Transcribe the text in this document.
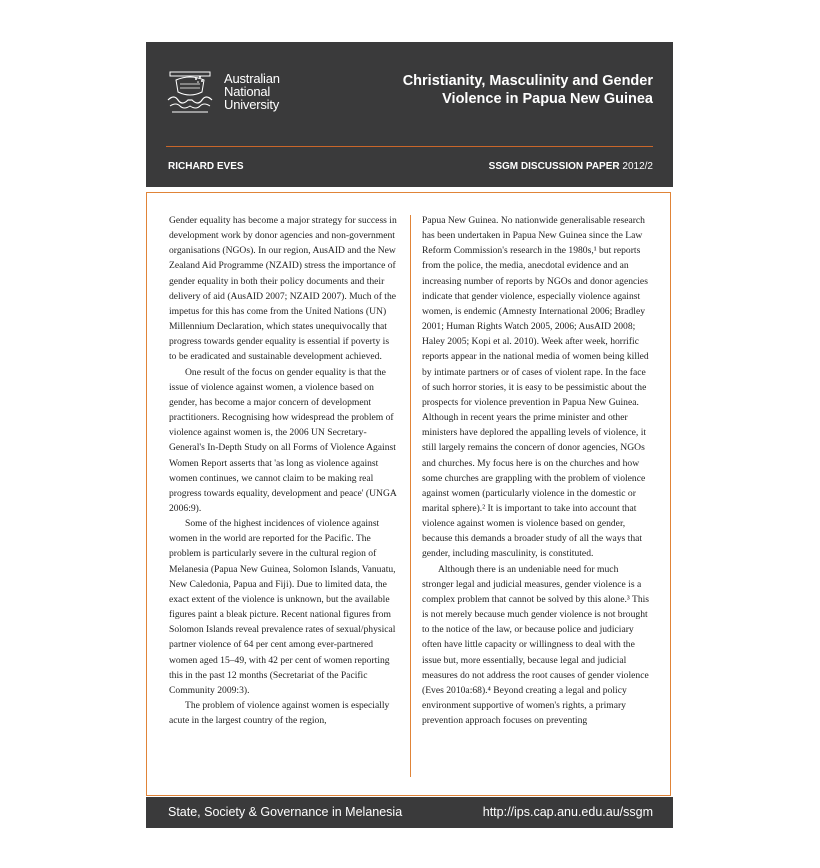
Australian
National
University
Christianity, Masculinity and Gender
Violence in Papua New Guinea
RICHARD EVES	SSGM DISCUSSION PAPER 2012/2

Gender equality has become a major strategy for success in development work by donor agencies and non-government organisations (NGOs). In our region, AusAID and the New Zealand Aid Programme (NZAID) stress the importance of gender equality in both their policy documents and their delivery of aid (AusAID 2007; NZAID 2007). Much of the impetus for this has come from the United Nations (UN) Millennium Declaration, which states unequivocally that progress towards gender equality is essential if poverty is to be eradicated and sustainable development achieved.

One result of the focus on gender equality is that the issue of violence against women, a violence based on gender, has become a major concern of development practitioners. Recognising how widespread the problem of violence against women is, the 2006 UN Secretary-General's In-Depth Study on all Forms of Violence Against Women Report asserts that 'as long as violence against women continues, we cannot claim to be making real progress towards equality, development and peace' (UNGA 2006:9).

Some of the highest incidences of violence against women in the world are reported for the Pacific. The problem is particularly severe in the cultural region of Melanesia (Papua New Guinea, Solomon Islands, Vanuatu, New Caledonia, Papua and Fiji). Due to limited data, the exact extent of the violence is unknown, but the available figures paint a bleak picture. Recent national figures from Solomon Islands reveal prevalence rates of sexual/physical partner violence of 64 per cent among ever-partnered women aged 15–49, with 42 per cent of women reporting this in the past 12 months (Secretariat of the Pacific Community 2009:3).

The problem of violence against women is especially acute in the largest country of the region,

Papua New Guinea. No nationwide generalisable research has been undertaken in Papua New Guinea since the Law Reform Commission's research in the 1980s,¹ but reports from the police, the media, anecdotal evidence and an increasing number of reports by NGOs and donor agencies indicate that gender violence, especially violence against women, is endemic (Amnesty International 2006; Bradley 2001; Human Rights Watch 2005, 2006; AusAID 2008; Haley 2005; Kopi et al. 2010). Week after week, horrific reports appear in the national media of women being killed by intimate partners or of cases of violent rape. In the face of such horror stories, it is easy to be pessimistic about the prospects for violence prevention in Papua New Guinea. Although in recent years the prime minister and other ministers have deplored the appalling levels of violence, it still largely remains the concern of donor agencies, NGOs and churches. My focus here is on the churches and how some churches are grappling with the problem of violence against women (particularly violence in the domestic or marital sphere).² It is important to take into account that violence against women is violence based on gender, because this demands a broader study of all the ways that gender, including masculinity, is constituted.

Although there is an undeniable need for much stronger legal and judicial measures, gender violence is a complex problem that cannot be solved by this alone.³ This is not merely because much gender violence is not brought to the notice of the law, or because police and judiciary often have little capacity or willingness to deal with the issue but, more essentially, because legal and judicial measures do not address the root causes of gender violence (Eves 2010a:68).⁴ Beyond creating a legal and policy environment supportive of women's rights, a primary prevention approach focuses on preventing

State, Society & Governance in Melanesia	http://ips.cap.anu.edu.au/ssgm
